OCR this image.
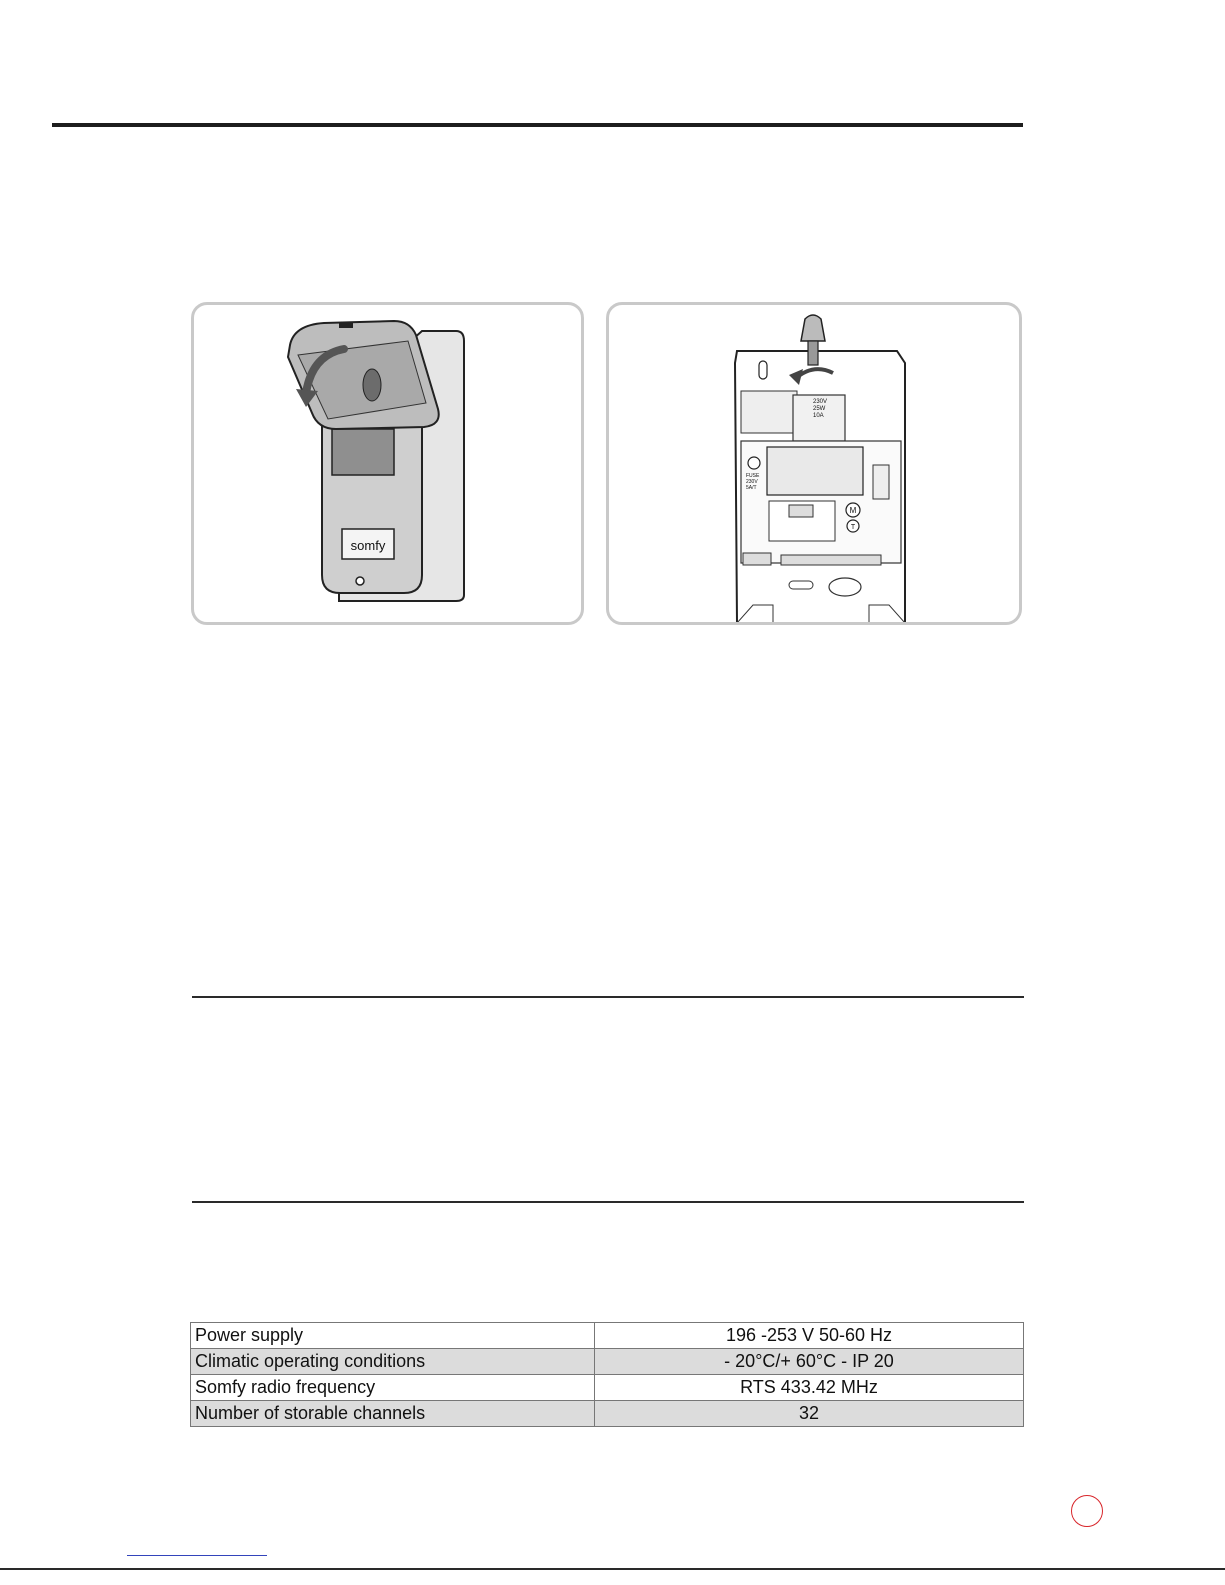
somfy
230V
25W
10A
FUSE
230V
5A/T
M
T
Power supply	196 -253 V 50-60 Hz
Climatic operating conditions	- 20°C/+ 60°C - IP 20
Somfy radio frequency	RTS 433.42 MHz
Number of storable channels	32
